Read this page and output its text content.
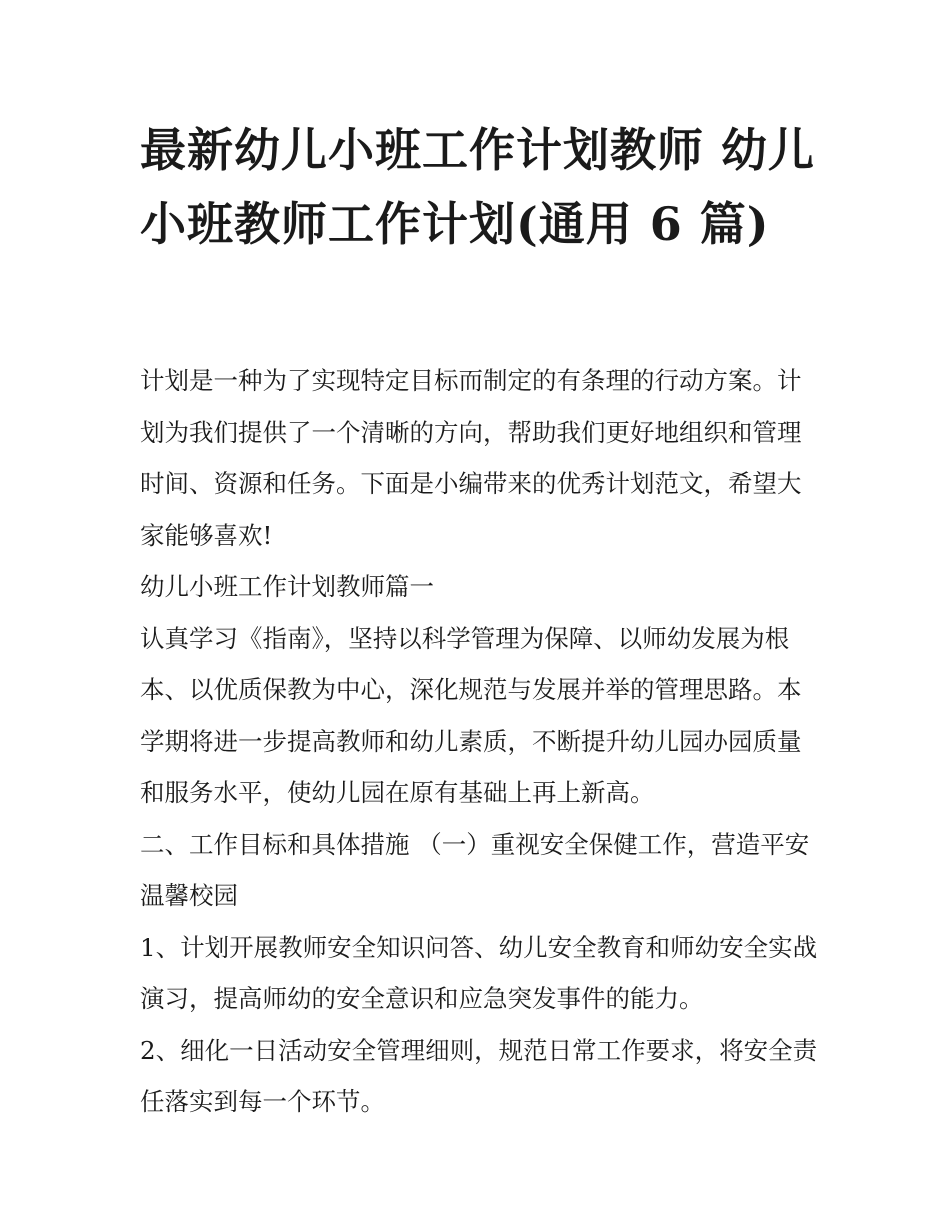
最新幼儿小班工作计划教师 幼儿小班教师工作计划(通用 6 篇)

计划是一种为了实现特定目标而制定的有条理的行动方案。计划为我们提供了一个清晰的方向，帮助我们更好地组织和管理时间、资源和任务。下面是小编带来的优秀计划范文，希望大家能够喜欢!

幼儿小班工作计划教师篇一

认真学习《指南》，坚持以科学管理为保障、以师幼发展为根本、以优质保教为中心，深化规范与发展并举的管理思路。本学期将进一步提高教师和幼儿素质，不断提升幼儿园办园质量和服务水平，使幼儿园在原有基础上再上新高。

二、工作目标和具体措施 （一）重视安全保健工作，营造平安温馨校园

1、计划开展教师安全知识问答、幼儿安全教育和师幼安全实战演习，提高师幼的安全意识和应急突发事件的能力。

2、细化一日活动安全管理细则，规范日常工作要求，将安全责任落实到每一个环节。
